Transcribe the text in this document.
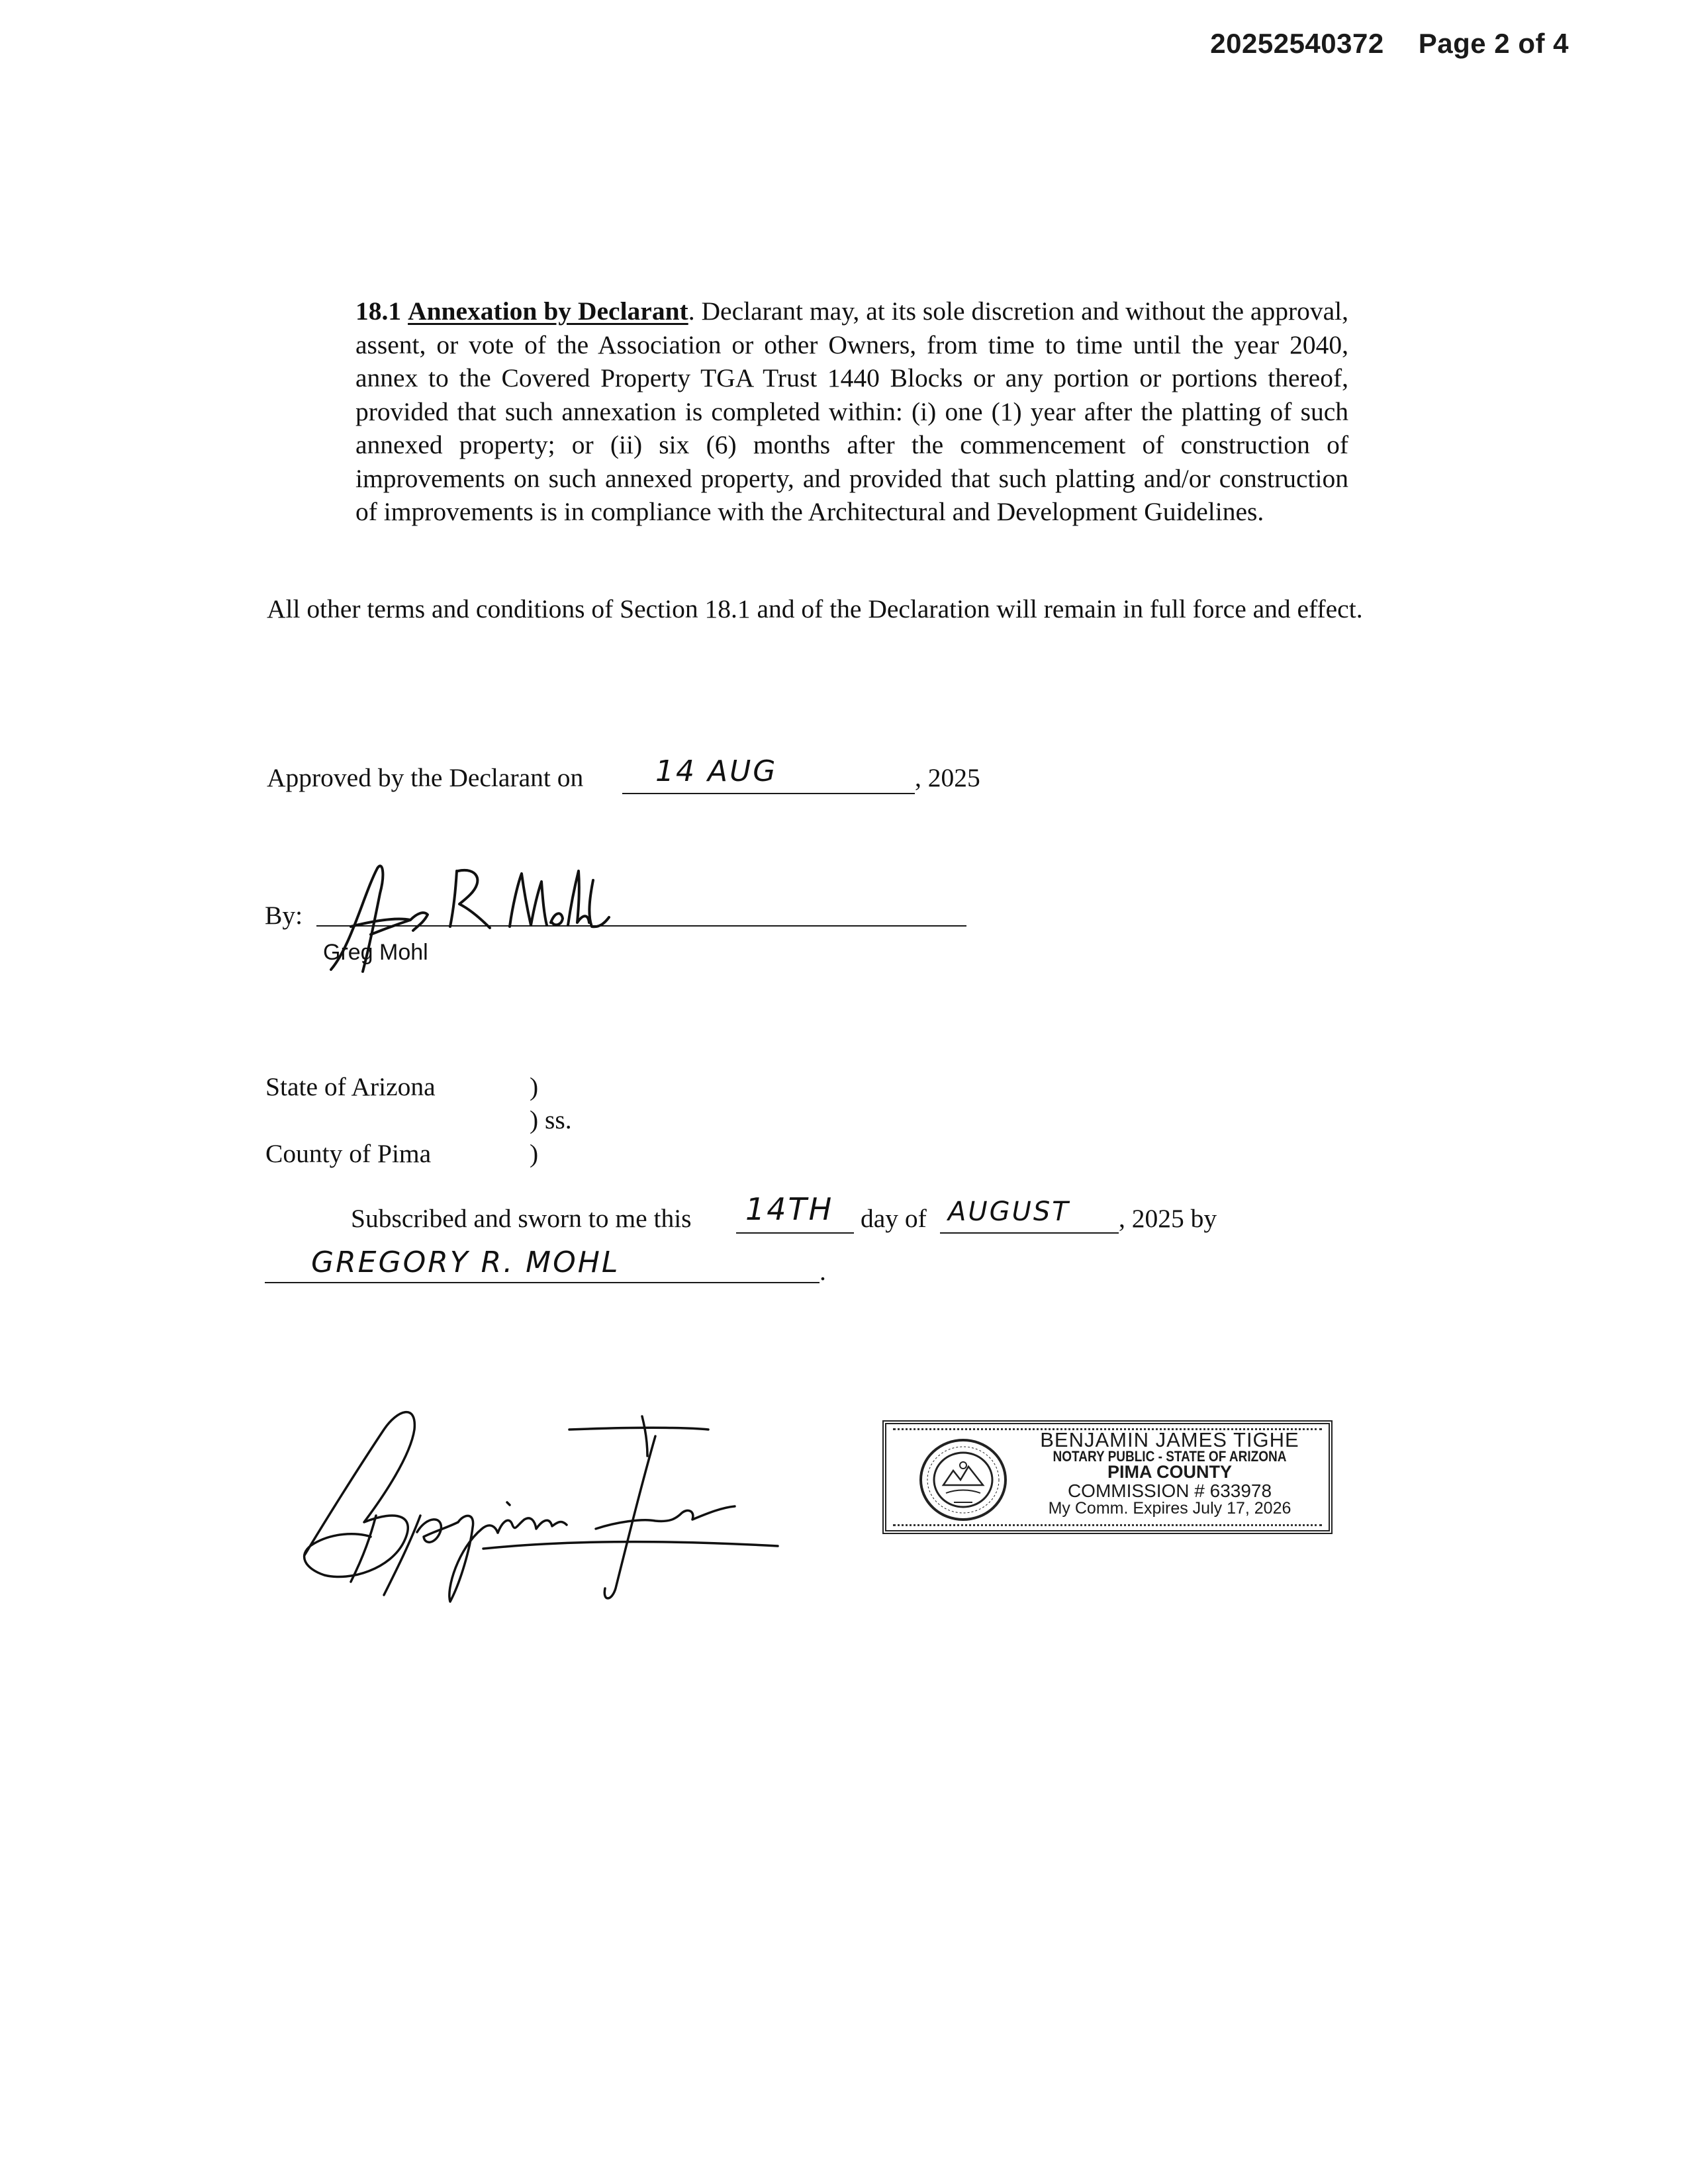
20252540372 Page 2 of 4
18.1 Annexation by Declarant. Declarant may, at its sole discretion and without the approval, assent, or vote of the Association or other Owners, from time to time until the year 2040, annex to the Covered Property TGA Trust 1440 Blocks or any portion or portions thereof, provided that such annexation is completed within: (i) one (1) year after the platting of such annexed property; or (ii) six (6) months after the commencement of construction of improvements on such annexed property, and provided that such platting and/or construction of improvements is in compliance with the Architectural and Development Guidelines.
All other terms and conditions of Section 18.1 and of the Declaration will remain in full force and effect.
Approved by the Declarant on 14 AUG	, 2025
By:
Greg Mohl
State of Arizona
County of Pima
)
) ss.
)
Subscribed and sworn to me this 14TH day of AUGUST , 2025 by
GREGORY R. MOHL	.
BENJAMIN JAMES TIGHE
NOTARY PUBLIC - STATE OF ARIZONA
PIMA COUNTY
COMMISSION # 633978
My Comm. Expires July 17, 2026
